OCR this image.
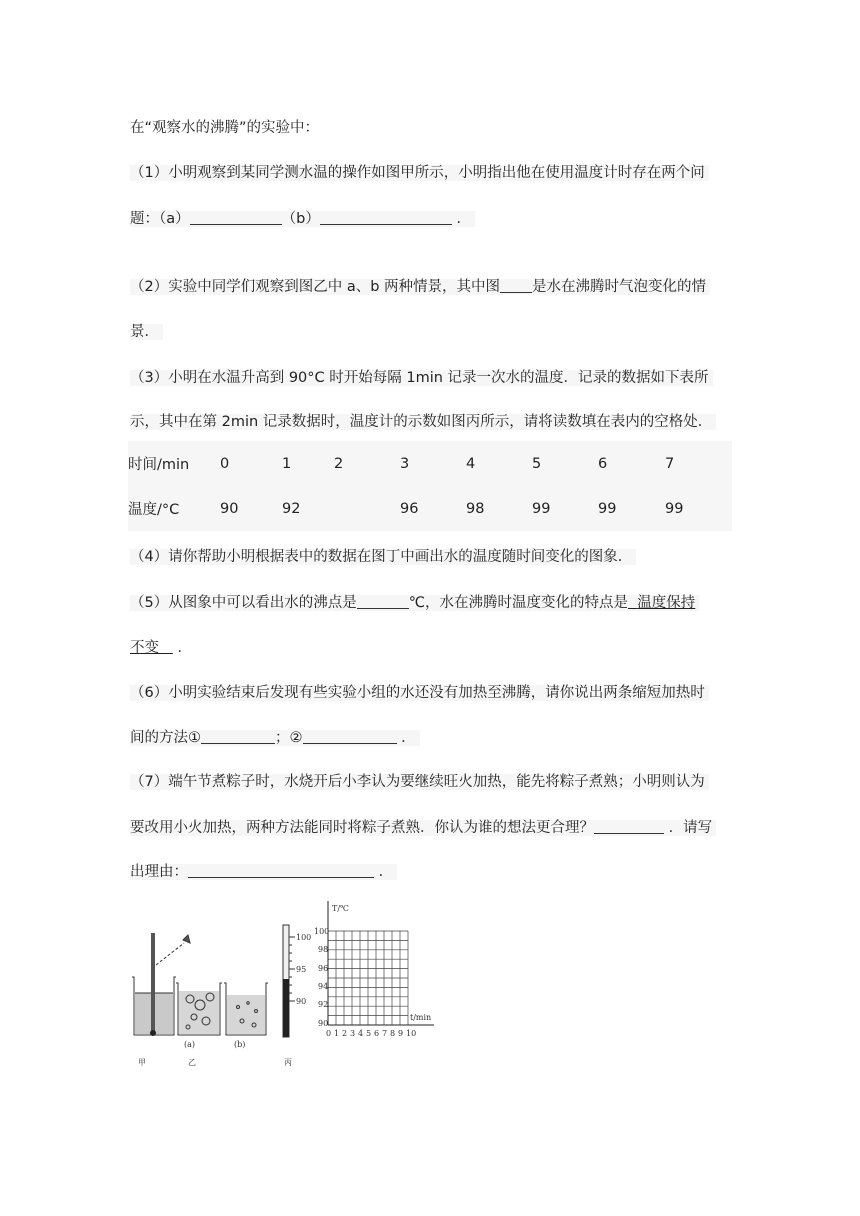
在“观察水的沸腾”的实验中：
（1）小明观察到某同学测水温的操作如图甲所示，小明指出他在使用温度计时存在两个问
题：（a）	（b）	．
（2）实验中同学们观察到图乙中 a、b 两种情景，其中图 是水在沸腾时气泡变化的情
景．
（3）小明在水温升高到 90°C 时开始每隔 1min 记录一次水的温度．记录的数据如下表所
示，其中在第 2min 记录数据时，温度计的示数如图丙所示，请将读数填在表内的空格处．
时间/min	0	1	2	3	4	5	6	7
温度/°C	90	92		96	98	99	99	99
（4）请你帮助小明根据表中的数据在图丁中画出水的温度随时间变化的图象．
（5）从图象中可以看出水的沸点是	℃，水在沸腾时温度变化的特点是 温度保持
不变 ．
（6）小明实验结束后发现有些实验小组的水还没有加热至沸腾，请你说出两条缩短加热时
间的方法①	；②	．
（7）端午节煮粽子时，水烧开后小李认为要继续旺火加热，能先将粽子煮熟；小明则认为
要改用小火加热，两种方法能同时将粽子煮熟．你认为谁的想法更合理？	．请写
出理由：	．
100
95
90
T/℃
t/min
100
98
96
94
92
90
0 1 2 3 4 5 6 7 8 9 10
甲
(a)
乙
(b)
丙
